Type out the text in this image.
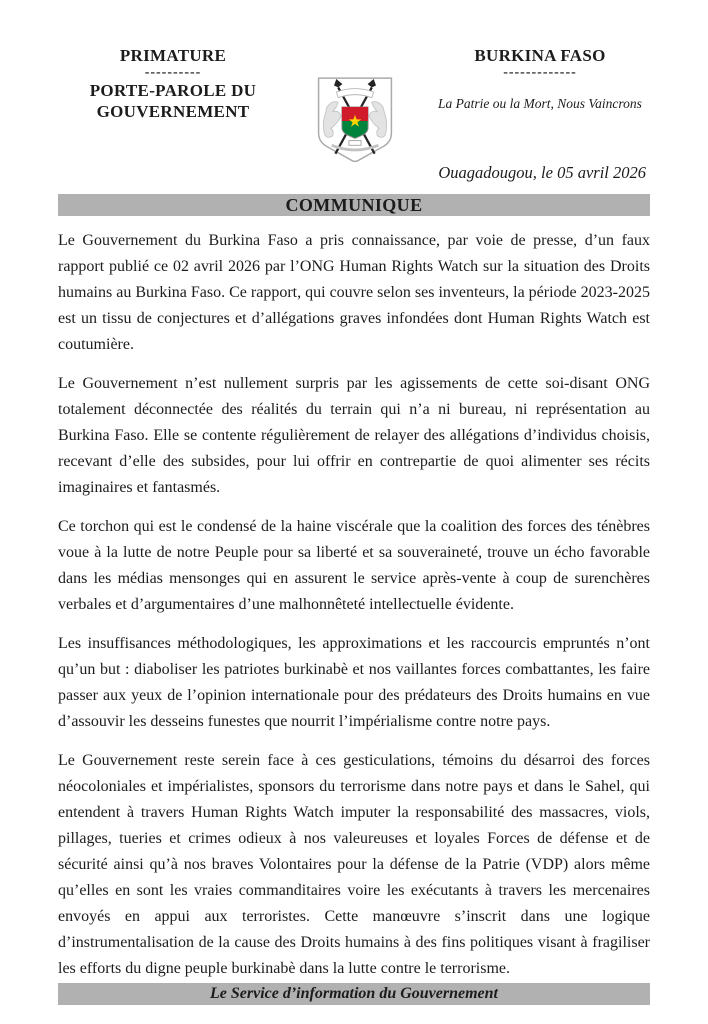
PRIMATURE
----------
PORTE-PAROLE DU
GOUVERNEMENT
BURKINA FASO
-------------
La Patrie ou la Mort, Nous Vaincrons
Ouagadougou, le 05 avril 2026
COMMUNIQUE

Le Gouvernement du Burkina Faso a pris connaissance, par voie de presse, d’un faux rapport publié ce 02 avril 2026 par l’ONG Human Rights Watch sur la situation des Droits humains au Burkina Faso. Ce rapport, qui couvre selon ses inventeurs, la période 2023-2025 est un tissu de conjectures et d’allégations graves infondées dont Human Rights Watch est coutumière.

Le Gouvernement n’est nullement surpris par les agissements de cette soi-disant ONG totalement déconnectée des réalités du terrain qui n’a ni bureau, ni représentation au Burkina Faso. Elle se contente régulièrement de relayer des allégations d’individus choisis, recevant d’elle des subsides, pour lui offrir en contrepartie de quoi alimenter ses récits imaginaires et fantasmés.

Ce torchon qui est le condensé de la haine viscérale que la coalition des forces des ténèbres voue à la lutte de notre Peuple pour sa liberté et sa souveraineté, trouve un écho favorable dans les médias mensonges qui en assurent le service après-vente à coup de surenchères verbales et d’argumentaires d’une malhonnêteté intellectuelle évidente.

Les insuffisances méthodologiques, les approximations et les raccourcis empruntés n’ont qu’un but : diaboliser les patriotes burkinabè et nos vaillantes forces combattantes, les faire passer aux yeux de l’opinion internationale pour des prédateurs des Droits humains en vue d’assouvir les desseins funestes que nourrit l’impérialisme contre notre pays.

Le Gouvernement reste serein face à ces gesticulations, témoins du désarroi des forces néocoloniales et impérialistes, sponsors du terrorisme dans notre pays et dans le Sahel, qui entendent à travers Human Rights Watch imputer la responsabilité des massacres, viols, pillages, tueries et crimes odieux à nos valeureuses et loyales Forces de défense et de sécurité ainsi qu’à nos braves Volontaires pour la défense de la Patrie (VDP) alors même qu’elles en sont les vraies commanditaires voire les exécutants à travers les mercenaires envoyés en appui aux terroristes. Cette manœuvre s’inscrit dans une logique d’instrumentalisation de la cause des Droits humains à des fins politiques visant à fragiliser les efforts du digne peuple burkinabè dans la lutte contre le terrorisme.

Le Service d’information du Gouvernement
